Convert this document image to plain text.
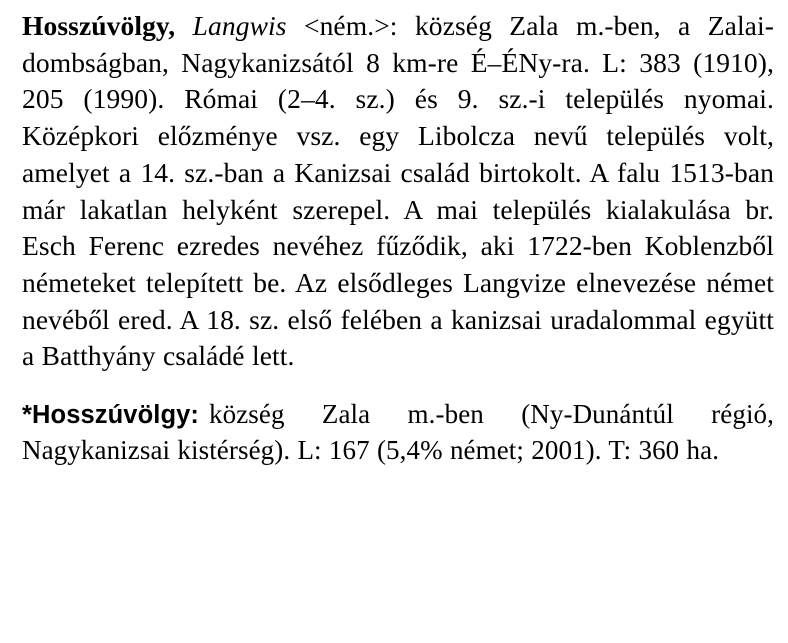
Hosszúvölgy, Langwis <ném.>: község Zala m.-ben, a Zalai-dombságban, Nagykanizsától 8 km-re É–ÉNy-ra. L: 383 (1910), 205 (1990). Római (2–4. sz.) és 9. sz.-i település nyomai. Középkori előzménye vsz. egy Libolcza nevű település volt, amelyet a 14. sz.-ban a Kanizsai család birtokolt. A falu 1513-ban már lakatlan helyként szerepel. A mai település kialakulása br. Esch Ferenc ezredes nevéhez fűződik, aki 1722-ben Koblenzből németeket telepített be. Az elsődleges Langvize elnevezése német nevéből ered. A 18. sz. első felében a kanizsai uradalommal együtt a Batthyány családé lett.
*Hosszúvölgy: község Zala m.-ben (Ny-Dunántúl régió, Nagykanizsai kistérség). L: 167 (5,4% német; 2001). T: 360 ha.
